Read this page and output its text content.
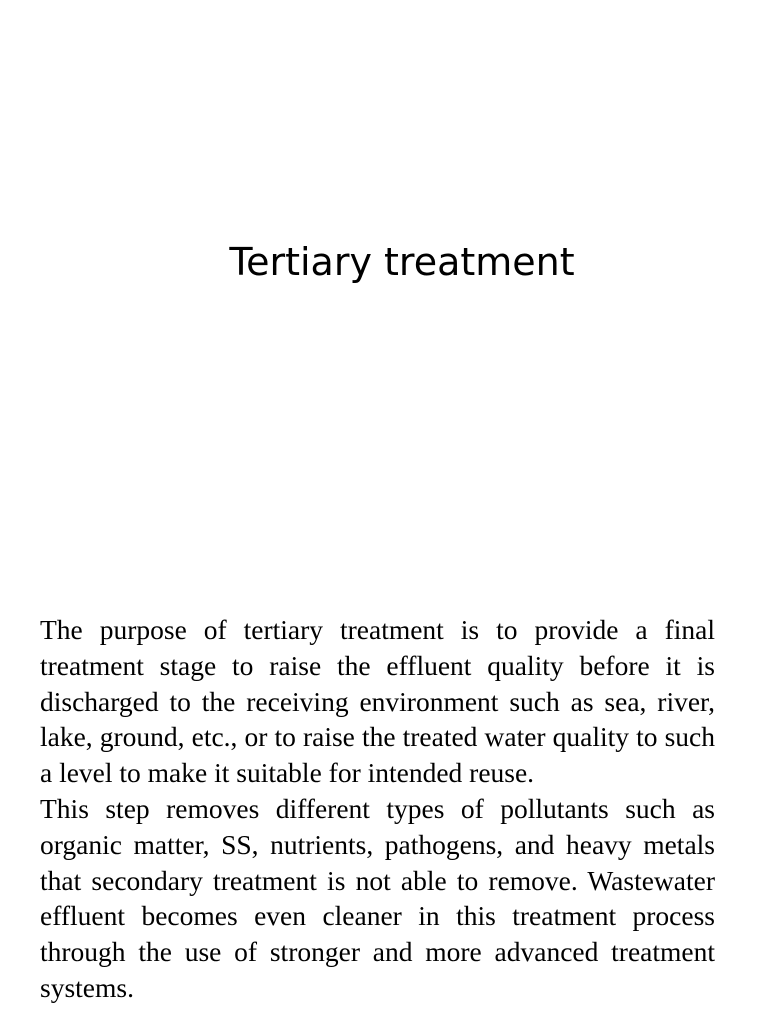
Tertiary treatment

The purpose of tertiary treatment is to provide a final treatment stage to raise the effluent quality before it is discharged to the receiving environment such as sea, river, lake, ground, etc., or to raise the treated water quality to such a level to make it suitable for intended reuse.

This step removes different types of pollutants such as organic matter, SS, nutrients, pathogens, and heavy metals that secondary treatment is not able to remove. Wastewater effluent becomes even cleaner in this treatment process through the use of stronger and more advanced treatment systems.
